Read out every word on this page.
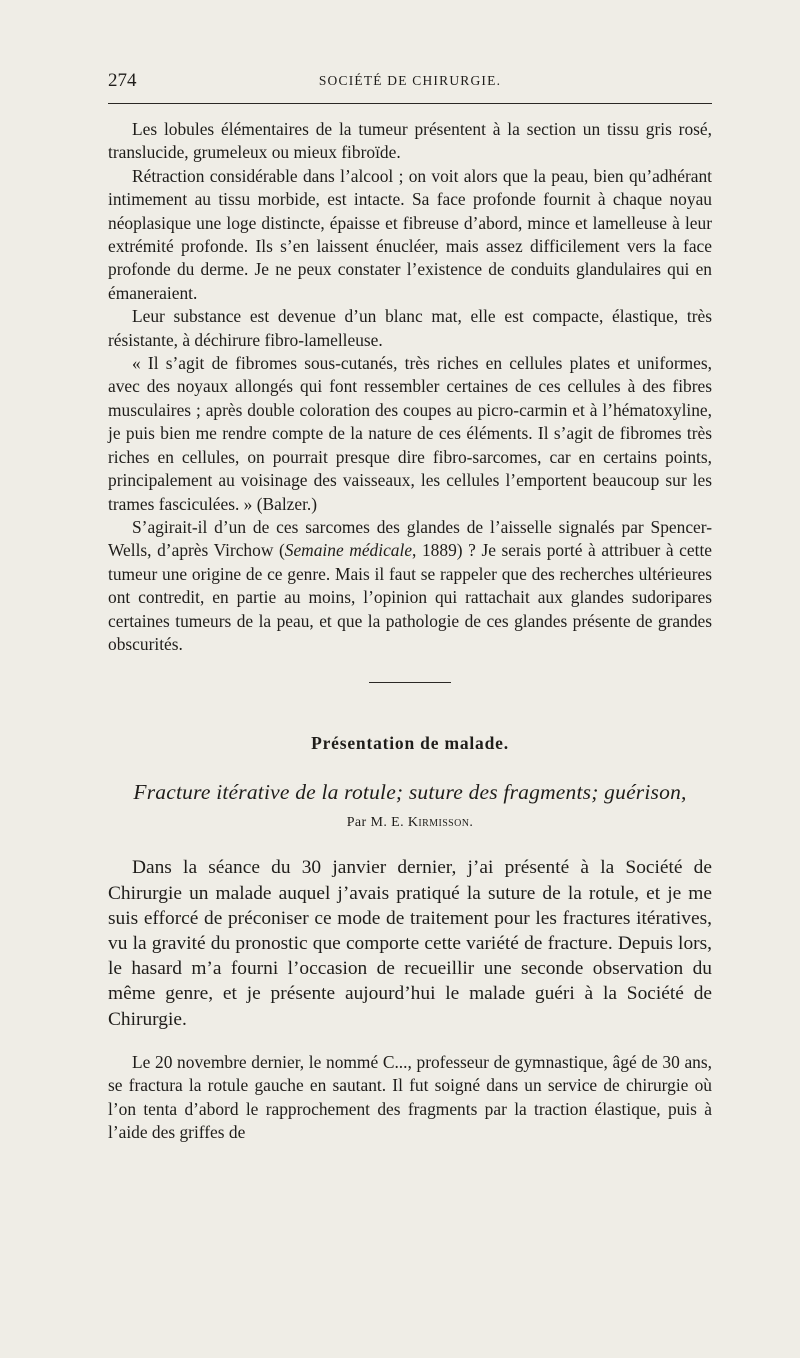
274	SOCIÉTÉ DE CHIRURGIE.

Les lobules élémentaires de la tumeur présentent à la section un tissu gris rosé, translucide, grumeleux ou mieux fibroïde.

Rétraction considérable dans l’alcool ; on voit alors que la peau, bien qu’adhérant intimement au tissu morbide, est intacte. Sa face profonde fournit à chaque noyau néoplasique une loge distincte, épaisse et fibreuse d’abord, mince et lamelleuse à leur extrémité profonde. Ils s’en laissent énucléer, mais assez difficilement vers la face profonde du derme. Je ne peux constater l’existence de conduits glandulaires qui en émaneraient.

Leur substance est devenue d’un blanc mat, elle est compacte, élastique, très résistante, à déchirure fibro-lamelleuse.

« Il s’agit de fibromes sous-cutanés, très riches en cellules plates et uniformes, avec des noyaux allongés qui font ressembler certaines de ces cellules à des fibres musculaires ; après double coloration des coupes au picro-carmin et à l’hématoxyline, je puis bien me rendre compte de la nature de ces éléments. Il s’agit de fibromes très riches en cellules, on pourrait presque dire fibro-sarcomes, car en certains points, principalement au voisinage des vaisseaux, les cellules l’emportent beaucoup sur les trames fasciculées. » (Balzer.)

S’agirait-il d’un de ces sarcomes des glandes de l’aisselle signalés par Spencer-Wells, d’après Virchow (Semaine médicale, 1889) ? Je serais porté à attribuer à cette tumeur une origine de ce genre. Mais il faut se rappeler que des recherches ultérieures ont contredit, en partie au moins, l’opinion qui rattachait aux glandes sudoripares certaines tumeurs de la peau, et que la pathologie de ces glandes présente de grandes obscurités.

Présentation de malade.
Fracture itérative de la rotule; suture des fragments; guérison,
Par M. E. Kirmisson.

Dans la séance du 30 janvier dernier, j’ai présenté à la Société de Chirurgie un malade auquel j’avais pratiqué la suture de la rotule, et je me suis efforcé de préconiser ce mode de traitement pour les fractures itératives, vu la gravité du pronostic que comporte cette variété de fracture. Depuis lors, le hasard m’a fourni l’occasion de recueillir une seconde observation du même genre, et je présente aujourd’hui le malade guéri à la Société de Chirurgie.

Le 20 novembre dernier, le nommé C..., professeur de gymnastique, âgé de 30 ans, se fractura la rotule gauche en sautant. Il fut soigné dans un service de chirurgie où l’on tenta d’abord le rapprochement des fragments par la traction élastique, puis à l’aide des griffes de
